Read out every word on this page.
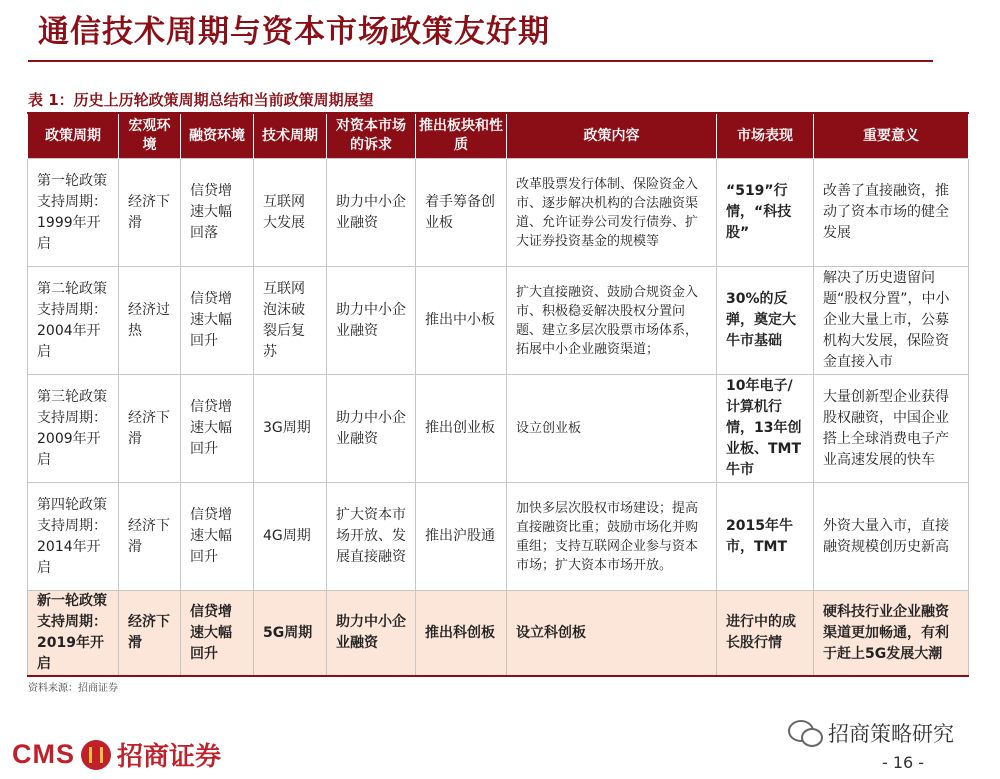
通信技术周期与资本市场政策友好期
表 1：历史上历轮政策周期总结和当前政策周期展望
政策周期	宏观环境	融资环境	技术周期	对资本市场的诉求	推出板块和性质	政策内容	市场表现	重要意义
第一轮政策支持周期：1999年开启	经济下滑	信贷增速大幅回落	互联网大发展	助力中小企业融资	着手筹备创业板	改革股票发行体制、保险资金入市、逐步解决机构的合法融资渠道、允许证券公司发行债券、扩大证券投资基金的规模等	“519”行情，“科技股”	改善了直接融资，推动了资本市场的健全发展
第二轮政策支持周期：2004年开启	经济过热	信贷增速大幅回升	互联网泡沫破裂后复苏	助力中小企业融资	推出中小板	扩大直接融资、鼓励合规资金入市、积极稳妥解决股权分置问题、建立多层次股票市场体系，拓展中小企业融资渠道；	30%的反弹，奠定大牛市基础	解决了历史遗留问题“股权分置”，中小企业大量上市，公募机构大发展，保险资金直接入市
第三轮政策支持周期：2009年开启	经济下滑	信贷增速大幅回升	3G周期	助力中小企业融资	推出创业板	设立创业板	10年电子/计算机行情，13年创业板、TMT牛市	大量创新型企业获得股权融资，中国企业搭上全球消费电子产业高速发展的快车
第四轮政策支持周期：2014年开启	经济下滑	信贷增速大幅回升	4G周期	扩大资本市场开放、发展直接融资	推出沪股通	加快多层次股权市场建设；提高直接融资比重；鼓励市场化并购重组；支持互联网企业参与资本市场；扩大资本市场开放。	2015年牛市，TMT	外资大量入市，直接融资规模创历史新高
新一轮政策支持周期：2019年开启	经济下滑	信贷增速大幅回升	5G周期	助力中小企业融资	推出科创板	设立科创板	进行中的成长股行情	硬科技行业企业融资渠道更加畅通，有利于赶上5G发展大潮
资料来源：招商证券
CMS 招商证券
招商策略研究
- 16 -
